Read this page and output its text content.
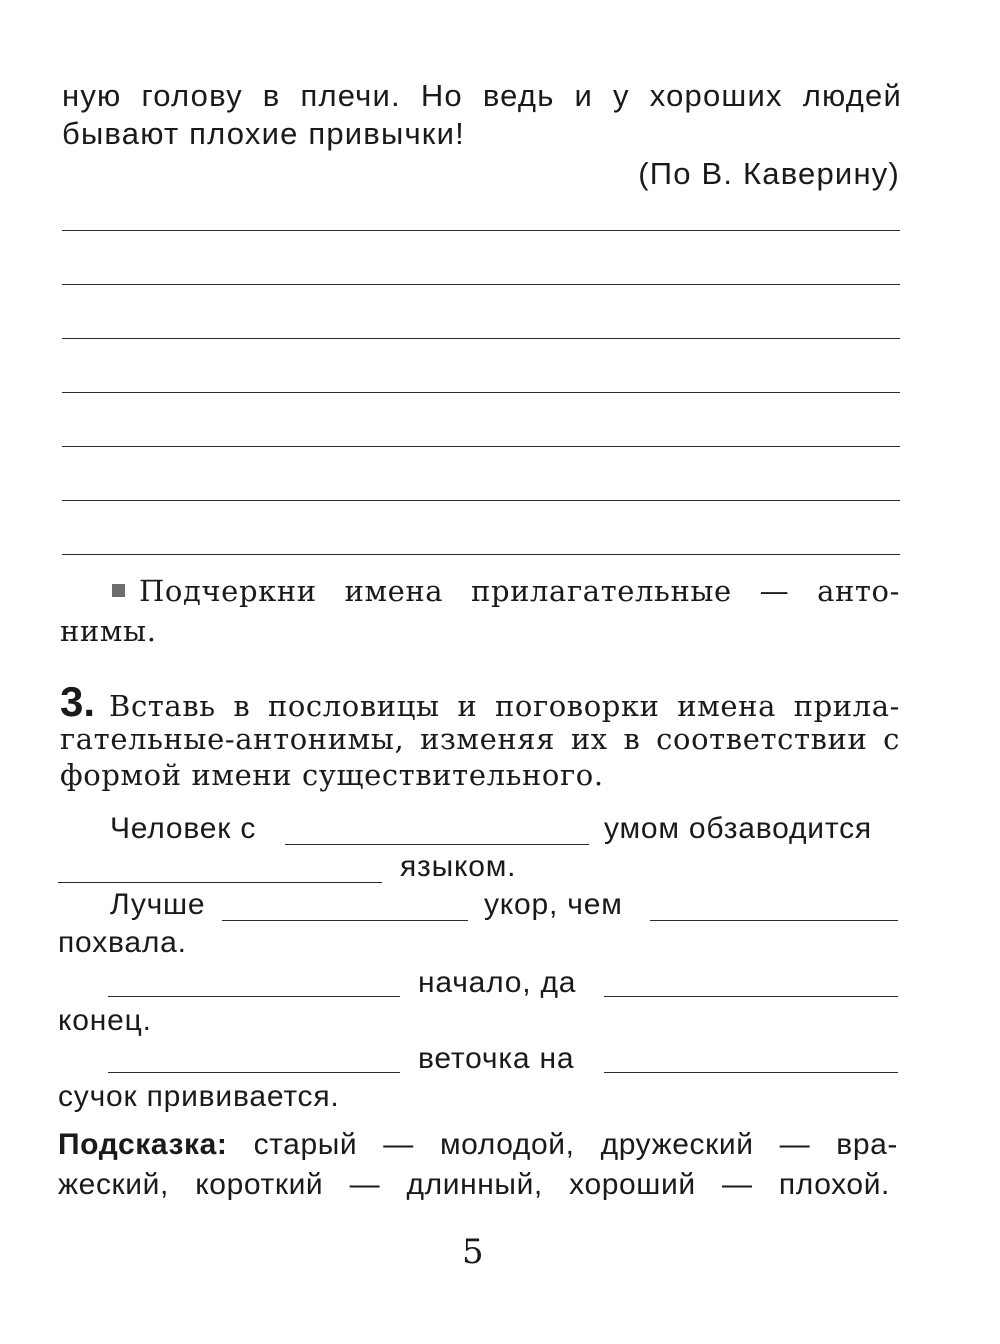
ную голову в плечи. Но ведь и у хороших людей
бывают плохие привычки!
(По В. Каверину)
Подчеркни имена прилагательные — анто-
нимы.
3. Вставь в пословицы и поговорки имена прила-
гательные-антонимы, изменяя их в соответствии с
формой имени существительного.
Человек с	умом обзаводится
языком.
Лучше	укор, чем
похвала.
начало, да
конец.
веточка на
сучок прививается.
Подсказка: старый — молодой, дружеский — вра-
жеский, короткий — длинный, хороший — плохой.
5
